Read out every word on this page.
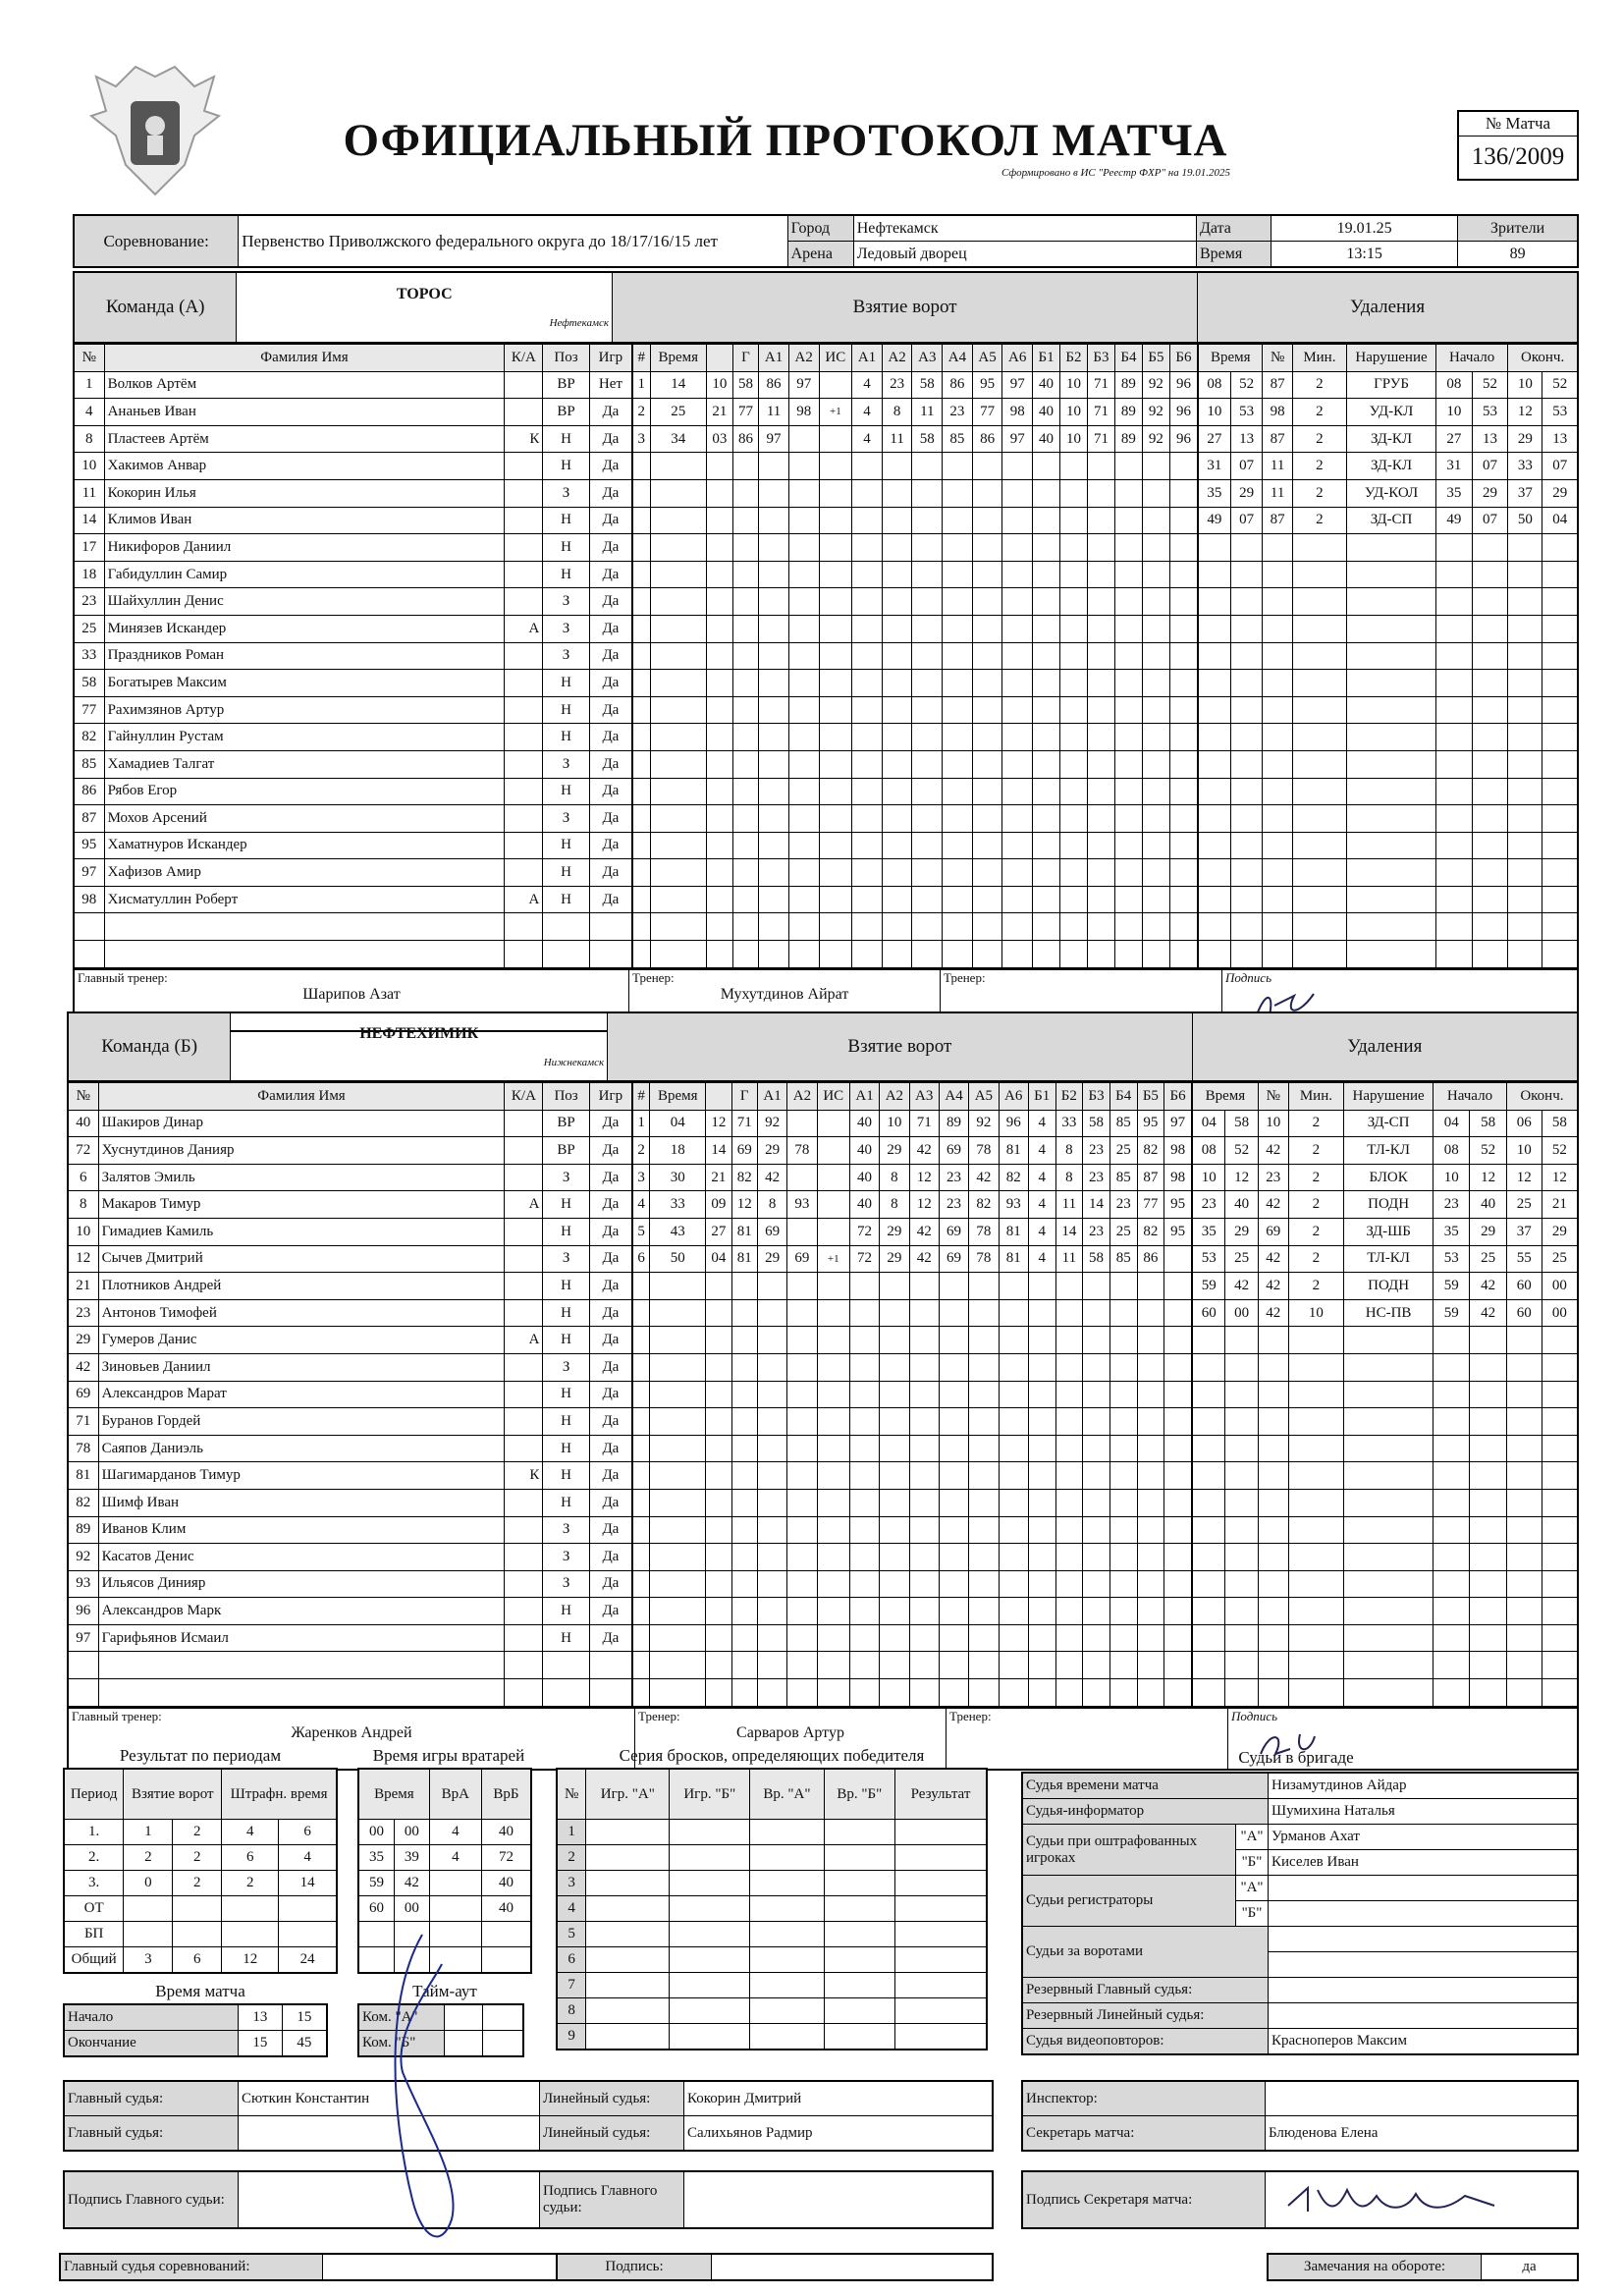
ОФИЦИАЛЬНЫЙ ПРОТОКОЛ МАТЧА
Сформировано в ИС "Реестр ФХР" на 19.01.2025
№ Матча
136/2009
Соревнование:	Первенство Приволжского федерального округа до 18/17/16/15 лет	Город	Нефтекамск	Дата	19.01.25	Зрители
		Арена	Ледовый дворец	Время	13:15	89
Команда (А)	
ТОРОС
Нефтекамск
	Взятие ворот	Удаления
№	Фамилия Имя	К/А	Поз	Игр
1	Волков Артём		ВР	Нет
4	Ананьев Иван		ВР	Да
8	Пластеев Артём	К	Н	Да
10	Хакимов Анвар		Н	Да
11	Кокорин Илья		З	Да
14	Климов Иван		Н	Да
17	Никифоров Даниил		Н	Да
18	Габидуллин Самир		Н	Да
23	Шайхуллин Денис		З	Да
25	Минязев Искандер	А	З	Да
33	Праздников Роман		З	Да
58	Богатырев Максим		Н	Да
77	Рахимзянов Артур		Н	Да
82	Гайнуллин Рустам		Н	Да
85	Хамадиев Талгат		З	Да
86	Рябов Егор		Н	Да
87	Мохов Арсений		З	Да
95	Хаматнуров Искандер		Н	Да
97	Хафизов Амир		Н	Да
98	Хисматуллин Роберт	А	Н	Да

#	Время		Г	А1	А2	ИС	А1	А2	А3	А4	А5	А6	Б1	Б2	Б3	Б4	Б5	Б6
1	14	10	58	86	97		4	23	58	86	95	97	40	10	71	89	92	96
2	25	21	77	11	98	+1	4	8	11	23	77	98	40	10	71	89	92	96
3	34	03	86	97			4	11	58	85	86	97	40	10	71	89	92	96

Время		№	Мин.	Нарушение	Начало		Оконч.	
08	52	87	2	ГРУБ	08	52	10	52
10	53	98	2	УД-КЛ	10	53	12	53
27	13	87	2	ЗД-КЛ	27	13	29	13
31	07	11	2	ЗД-КЛ	31	07	33	07
35	29	11	2	УД-КОЛ	35	29	37	29
49	07	87	2	ЗД-СП	49	07	50	04

Главный тренер:
Шарипов Азат

Тренер:
Мухутдинов Айрат

Тренер:	Подпись
Команда (Б)	
НЕФТЕХИМИК
Нижнекамск
	Взятие ворот	Удаления
№	Фамилия Имя	К/А	Поз	Игр
40	Шакиров Динар		ВР	Да
72	Хуснутдинов Данияр		ВР	Да
6	Залятов Эмиль		З	Да
8	Макаров Тимур	А	Н	Да
10	Гимадиев Камиль		Н	Да
12	Сычев Дмитрий		З	Да
21	Плотников Андрей		Н	Да
23	Антонов Тимофей		Н	Да
29	Гумеров Данис	А	Н	Да
42	Зиновьев Даниил		З	Да
69	Александров Марат		Н	Да
71	Буранов Гордей		Н	Да
78	Саяпов Даниэль		Н	Да
81	Шагимарданов Тимур	К	Н	Да
82	Шимф Иван		Н	Да
89	Иванов Клим		З	Да
92	Касатов Денис		З	Да
93	Ильясов Динияр		З	Да
96	Александров Марк		Н	Да
97	Гарифьянов Исмаил		Н	Да

#	Время		Г	А1	А2	ИС	А1	А2	А3	А4	А5	А6	Б1	Б2	Б3	Б4	Б5	Б6
1	04	12	71	92			40	10	71	89	92	96	4	33	58	85	95	97
2	18	14	69	29	78		40	29	42	69	78	81	4	8	23	25	82	98
3	30	21	82	42			40	8	12	23	42	82	4	8	23	85	87	98
4	33	09	12	8	93		40	8	12	23	82	93	4	11	14	23	77	95
5	43	27	81	69			72	29	42	69	78	81	4	14	23	25	82	95
6	50	04	81	29	69	+1	72	29	42	69	78	81	4	11	58	85	86	

Время		№	Мин.	Нарушение	Начало		Оконч.	
04	58	10	2	ЗД-СП	04	58	06	58
08	52	42	2	ТЛ-КЛ	08	52	10	52
10	12	23	2	БЛОК	10	12	12	12
23	40	42	2	ПОДН	23	40	25	21
35	29	69	2	ЗД-ШБ	35	29	37	29
53	25	42	2	ТЛ-КЛ	53	25	55	25
59	42	42	2	ПОДН	59	42	60	00
60	00	42	10	НС-ПВ	59	42	60	00

Главный тренер:
Жаренков Андрей

Тренер:
Сарваров Артур

Тренер:	Подпись
Результат по периодам
Период	Взятие ворот		Штрафн. время	
1.	1	2	4	6
2.	2	2	6	4
3.	0	2	2	14
ОТ				
БП				
Общий	3	6	12	24
Время матча
Начало	13	15
Окончание	15	45
Время игры вратарей
Время		ВрА	ВрБ
00	00	4	40
35	39	4	72
59	42		40
60	00		40

Тайм-аут
Ком. "А"		
Ком. "Б"		
Серия бросков, определяющих победителя
№	Игр. "А"	Игр. "Б"	Вр. "А"	Вр. "Б"	Результат
1					
2					
3					
4					
5					
6					
7					
8					
9					
Судьи в бригаде
Судья времени матча		Низамутдинов Айдар
Судья-информатор		Шумихина Наталья
Судьи при оштрафованных игроках	"А"	Урманов Ахат
	"Б"	Киселев Иван
Судьи регистраторы	"А"	
	"Б"	
Судьи за воротами		

Резервный Главный судья:		
Резервный Линейный судья:		
Судья видеоповторов:		Красноперов Максим
Главный судья:	Сюткин Константин	Линейный судья:	Кокорин Дмитрий
Главный судья:		Линейный судья:	Салихьянов Радмир
Подпись Главного судьи:		Подпись Главного судьи:	
Инспектор:	
Секретарь матча:	Блюденова Елена
Подпись Секретаря матча:	
Главный судья соревнований:		Подпись:		Замечания на обороте:	да
